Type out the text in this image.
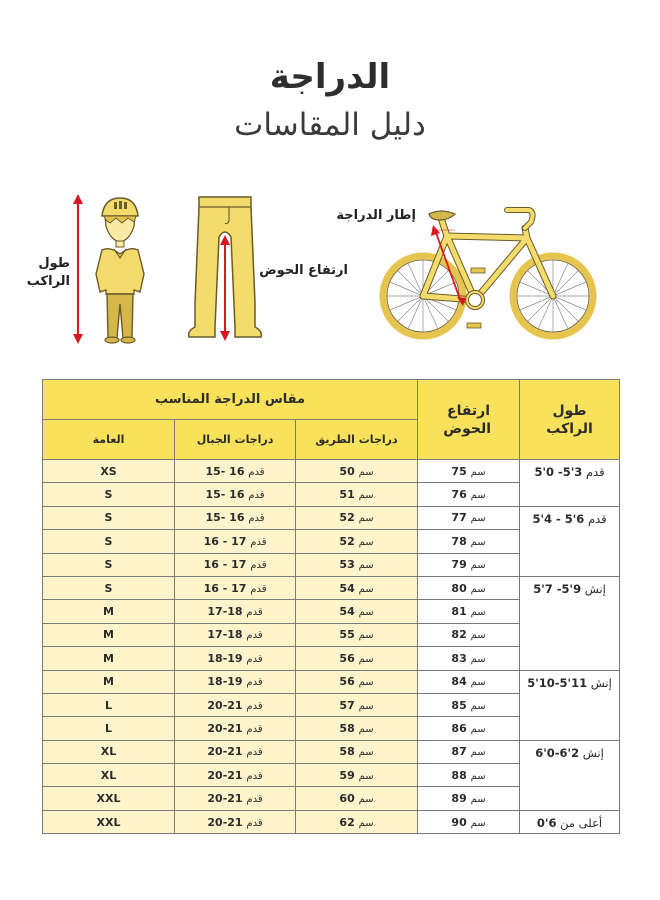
الدراجة
دليل المقاسات
طول
الراكب
ارتفاع الحوض
إطار الدراجة
طول الراكب	ارتفاع الحوض	مقاس الدراجة المناسب		
		دراجات الطريق	دراجات الجبال	العامة
قدم 5'0 -5'3	سم 75	سم 50	قدم 15- 16	XS
	سم 76	سم 51	قدم 15- 16	S
قدم 5'4 - 5'6	سم 77	سم 52	قدم 15- 16	S
	سم 78	سم 52	قدم 16 - 17	S
	سم 79	سم 53	قدم 16 - 17	S
إنش 5'7 -5'9	سم 80	سم 54	قدم 16 - 17	S
	سم 81	سم 54	قدم 17-18	M
	سم 82	سم 55	قدم 17-18	M
	سم 83	سم 56	قدم 18-19	M
إنش 5'10-5'11	سم 84	سم 56	قدم 18-19	M
	سم 85	سم 57	قدم 20-21	L
	سم 86	سم 58	قدم 20-21	L
إنش 6'0-6'2	سم 87	سم 58	قدم 20-21	XL
	سم 88	سم 59	قدم 20-21	XL
	سم 89	سم 60	قدم 20-21	XXL
أعلى من 0'6	سم 90	سم 62	قدم 20-21	XXL
